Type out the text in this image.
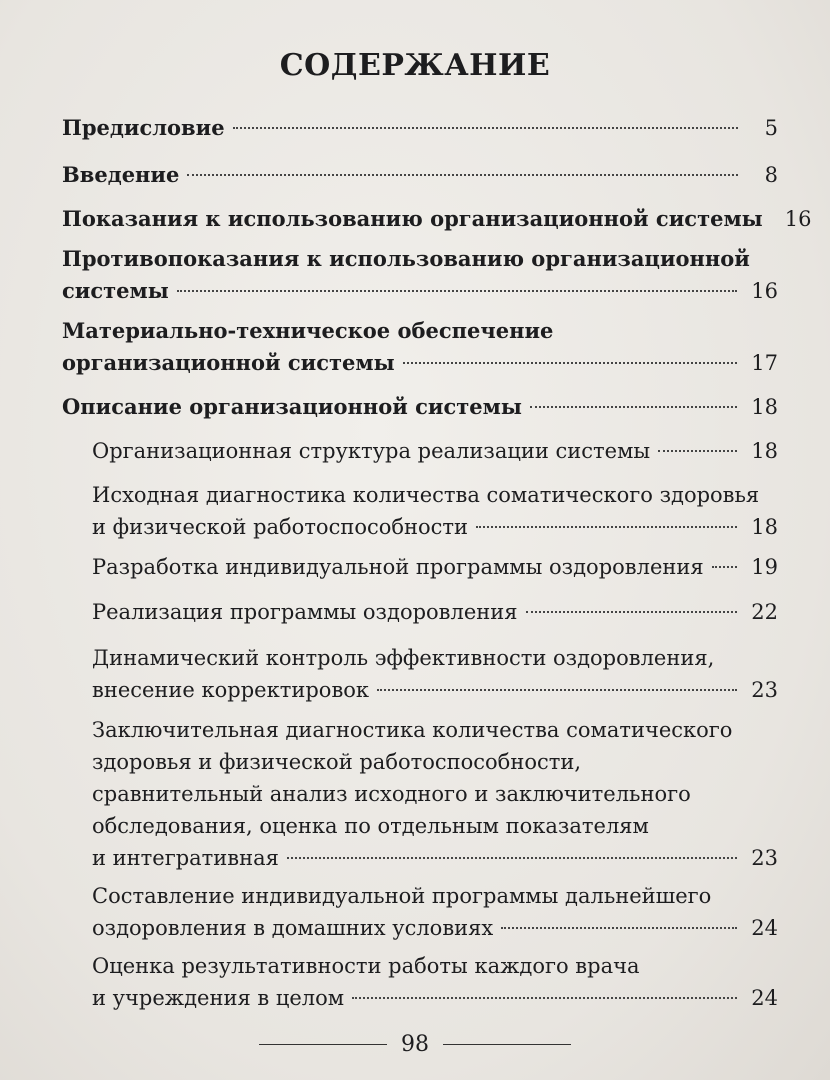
СОДЕРЖАНИЕ
Предисловие	5
Введение	8
Показания к использованию организационной системы 16
Противопоказания к использованию организационной
системы	16
Материально-техническое обеспечение
организационной системы	17
Описание организационной системы	18
Организационная структура реализации системы	18
Исходная диагностика количества соматического здоровья
и физической работоспособности	18
Разработка индивидуальной программы оздоровления 19
Реализация программы оздоровления	22
Динамический контроль эффективности оздоровления,
внесение корректировок	23
Заключительная диагностика количества соматического
здоровья и физической работоспособности,
сравнительный анализ исходного и заключительного
обследования, оценка по отдельным показателям
и интегративная	23
Составление индивидуальной программы дальнейшего
оздоровления в домашних условиях	24
Оценка результативности работы каждого врача
и учреждения в целом	24
98
